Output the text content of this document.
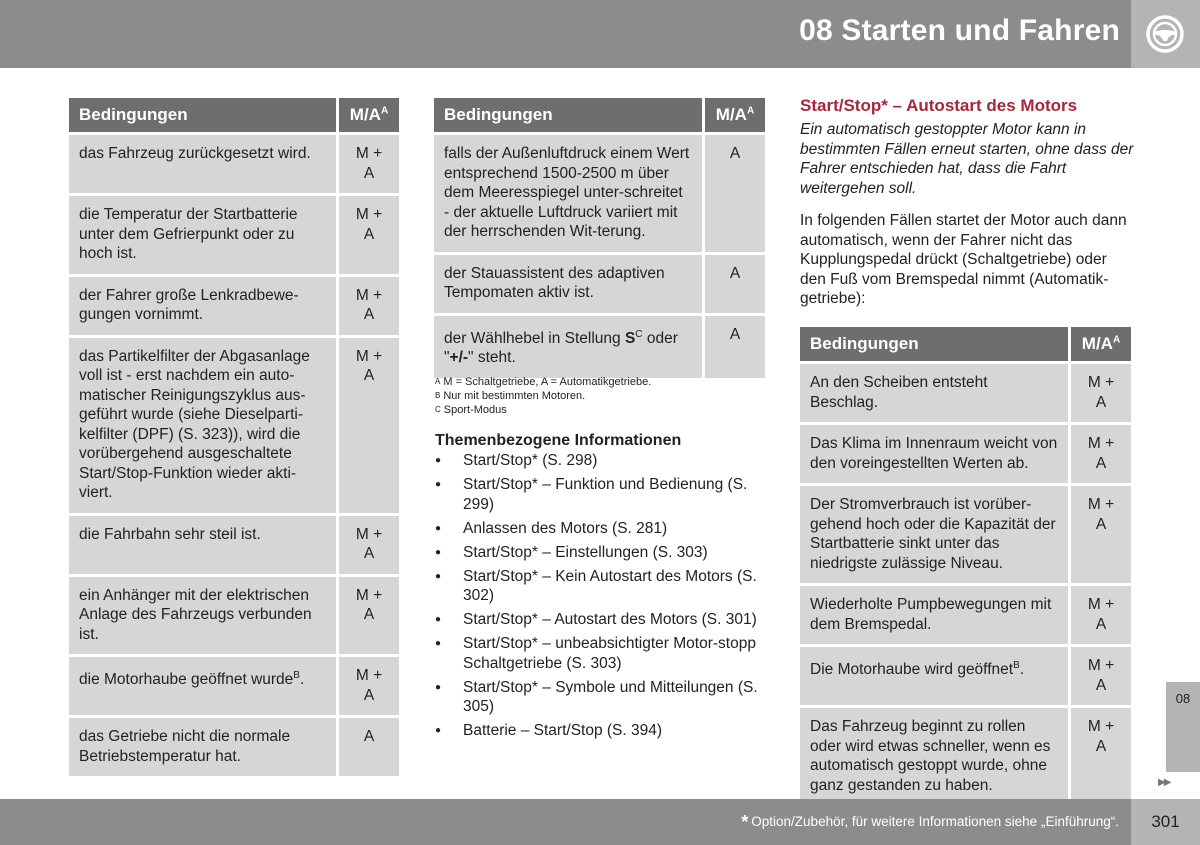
08 Starten und Fahren
Bedingungen	$M/A^A$
das Fahrzeug zurückgesetzt wird.	M + A
die Temperatur der Startbatterie unter dem Gefrierpunkt oder zu hoch ist.	M + A
der Fahrer große Lenkradbewe-gungen vornimmt.	M + A
das Partikelfilter der Abgasanlage voll ist - erst nachdem ein auto-matischer Reinigungszyklus aus-geführt wurde (siehe Dieselparti-kelfilter (DPF) (S. 323)), wird die vorübergehend ausgeschaltete Start/Stop-Funktion wieder akti-viert.	M + A
die Fahrbahn sehr steil ist.	M + A
ein Anhänger mit der elektrischen Anlage des Fahrzeugs verbunden ist.	M + A
die Motorhaube geöffnet wurde$^B$.	M + A
das Getriebe nicht die normale Betriebstemperatur hat.	A
Bedingungen	$M/A^A$
falls der Außenluftdruck einem Wert entsprechend 1500-2500 m über dem Meeresspiegel unter-schreitet - der aktuelle Luftdruck variiert mit der herrschenden Wit-terung.	A
der Stauassistent des adaptiven Tempomaten aktiv ist.	A
der Wählhebel in Stellung $S^C$ oder "+/-" steht.	A
$^A$ M = Schaltgetriebe, A = Automatikgetriebe.
$^B$ Nur mit bestimmten Motoren.
$^C$ Sport-Modus
Themenbezogene Informationen
● Start/Stop* (S. 298)
● Start/Stop* – Funktion und Bedienung (S. 299)
● Anlassen des Motors (S. 281)
● Start/Stop* – Einstellungen (S. 303)
● Start/Stop* – Kein Autostart des Motors (S. 302)
● Start/Stop* – Autostart des Motors (S. 301)
● Start/Stop* – unbeabsichtigter Motor-stopp Schaltgetriebe (S. 303)
● Start/Stop* – Symbole und Mitteilungen (S. 305)
● Batterie – Start/Stop (S. 394)
Start/Stop* – Autostart des Motors

Ein automatisch gestoppter Motor kann in bestimmten Fällen erneut starten, ohne dass der Fahrer entschieden hat, dass die Fahrt weitergehen soll.

In folgenden Fällen startet der Motor auch dann automatisch, wenn der Fahrer nicht das Kupplungspedal drückt (Schaltgetriebe) oder den Fuß vom Bremspedal nimmt (Automatik-getriebe):

Bedingungen	$M/A^A$
An den Scheiben entsteht Beschlag.	M + A
Das Klima im Innenraum weicht von den voreingestellten Werten ab.	M + A
Der Stromverbrauch ist vorüber-gehend hoch oder die Kapazität der Startbatterie sinkt unter das niedrigste zulässige Niveau.	M + A
Wiederholte Pumpbewegungen mit dem Bremspedal.	M + A
Die Motorhaube wird geöffnet$^B$.	M + A
Das Fahrzeug beginnt zu rollen oder wird etwas schneller, wenn es automatisch gestoppt wurde, ohne ganz gestanden zu haben.	M + A
08
▶▶
* Option/Zubehör, für weitere Informationen siehe „Einführung“.	301
